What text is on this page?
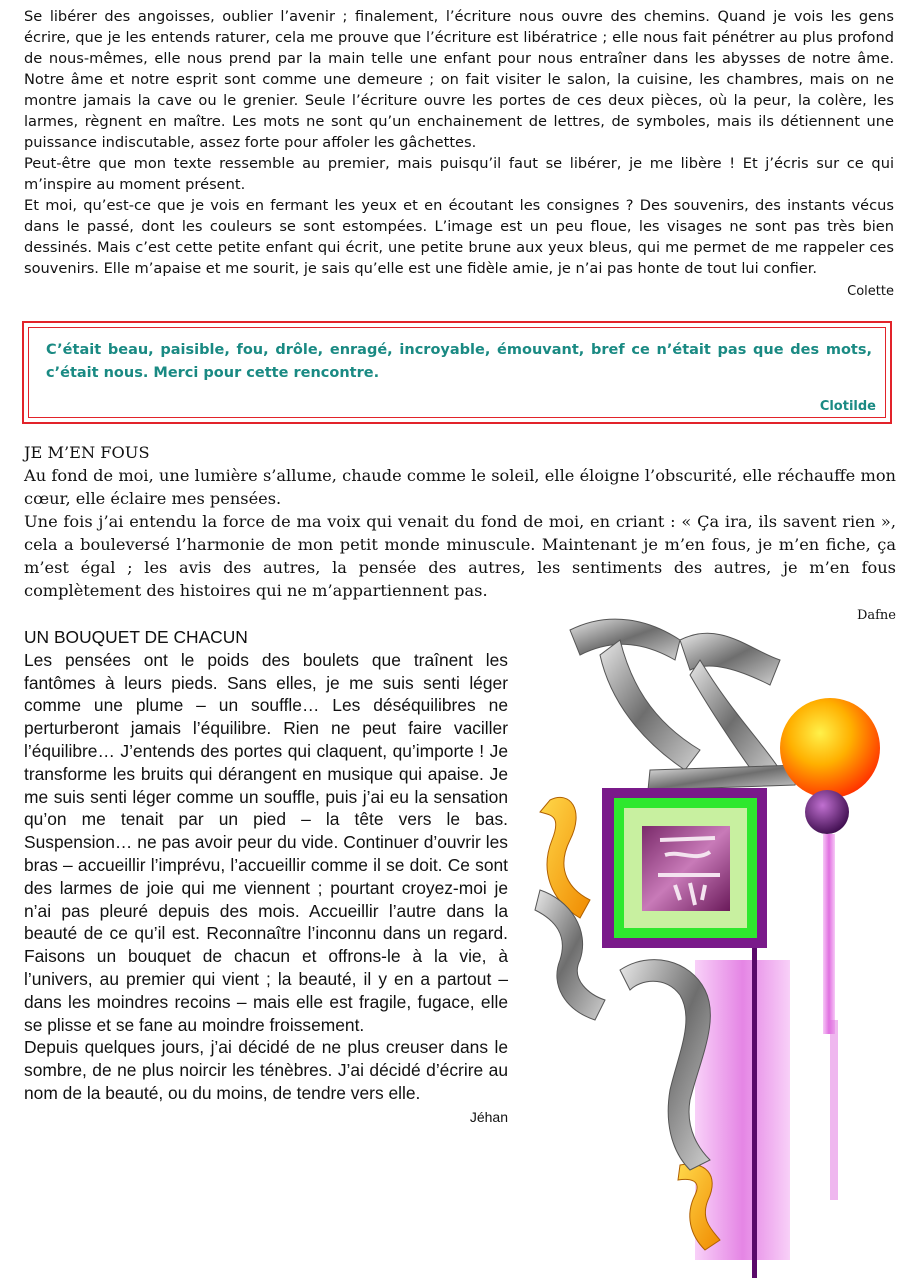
Se libérer des angoisses, oublier l’avenir ; finalement, l’écriture nous ouvre des chemins. Quand je vois les gens écrire, que je les entends raturer, cela me prouve que l’écriture est libératrice ; elle nous fait pénétrer au plus profond de nous-mêmes, elle nous prend par la main telle une enfant pour nous entraîner dans les abysses de notre âme. Notre âme et notre esprit sont comme une demeure ; on fait visiter le salon, la cuisine, les chambres, mais on ne montre jamais la cave ou le grenier. Seule l’écriture ouvre les portes de ces deux pièces, où la peur, la colère, les larmes, règnent en maître. Les mots ne sont qu’un enchainement de lettres, de symboles, mais ils détiennent une puissance indiscutable, assez forte pour affoler les gâchettes.

Peut-être que mon texte ressemble au premier, mais puisqu’il faut se libérer, je me libère ! Et j’écris sur ce qui m’inspire au moment présent.

Et moi, qu’est-ce que je vois en fermant les yeux et en écoutant les consignes ? Des souvenirs, des instants vécus dans le passé, dont les couleurs se sont estompées. L’image est un peu floue, les visages ne sont pas très bien dessinés. Mais c’est cette petite enfant qui écrit, une petite brune aux yeux bleus, qui me permet de me rappeler ces souvenirs. Elle m’apaise et me sourit, je sais qu’elle est une fidèle amie, je n’ai pas honte de tout lui confier.

Colette
C’était beau, paisible, fou, drôle, enragé, incroyable, émouvant, bref ce n’était pas que des mots, c’était nous. Merci pour cette rencontre.
Clotilde
JE M’EN FOUS

Au fond de moi, une lumière s’allume, chaude comme le soleil, elle éloigne l’obscurité, elle réchauffe mon cœur, elle éclaire mes pensées.

Une fois j’ai entendu la force de ma voix qui venait du fond de moi, en criant : « Ça ira, ils savent rien », cela a bouleversé l’harmonie de mon petit monde minuscule. Maintenant je m’en fous, je m’en fiche, ça m’est égal ; les avis des autres, la pensée des autres, les sentiments des autres, je m’en fous complètement des histoires qui ne m’appartiennent pas.

Dafne
UN BOUQUET DE CHACUN

Les pensées ont le poids des boulets que traînent les fantômes à leurs pieds. Sans elles, je me suis senti léger comme une plume – un souffle… Les déséquilibres ne perturberont jamais l’équilibre. Rien ne peut faire vaciller l’équilibre… J’entends des portes qui claquent, qu’importe ! Je transforme les bruits qui dérangent en musique qui apaise. Je me suis senti léger comme un souffle, puis j’ai eu la sensation qu’on me tenait par un pied – la tête vers le bas. Suspension… ne pas avoir peur du vide. Continuer d’ouvrir les bras – accueillir l’imprévu, l’accueillir comme il se doit. Ce sont des larmes de joie qui me viennent ; pourtant croyez-moi je n’ai pas pleuré depuis des mois. Accueillir l’autre dans la beauté de ce qu’il est. Reconnaître l’inconnu dans un regard. Faisons un bouquet de chacun et offrons-le à la vie, à l’univers, au premier qui vient ; la beauté, il y en a partout – dans les moindres recoins – mais elle est fragile, fugace, elle se plisse et se fane au moindre froissement.

Depuis quelques jours, j’ai décidé de ne plus creuser dans le sombre, de ne plus noircir les ténèbres. J’ai décidé d’écrire au nom de la beauté, ou du moins, de tendre vers elle.

Jéhan
